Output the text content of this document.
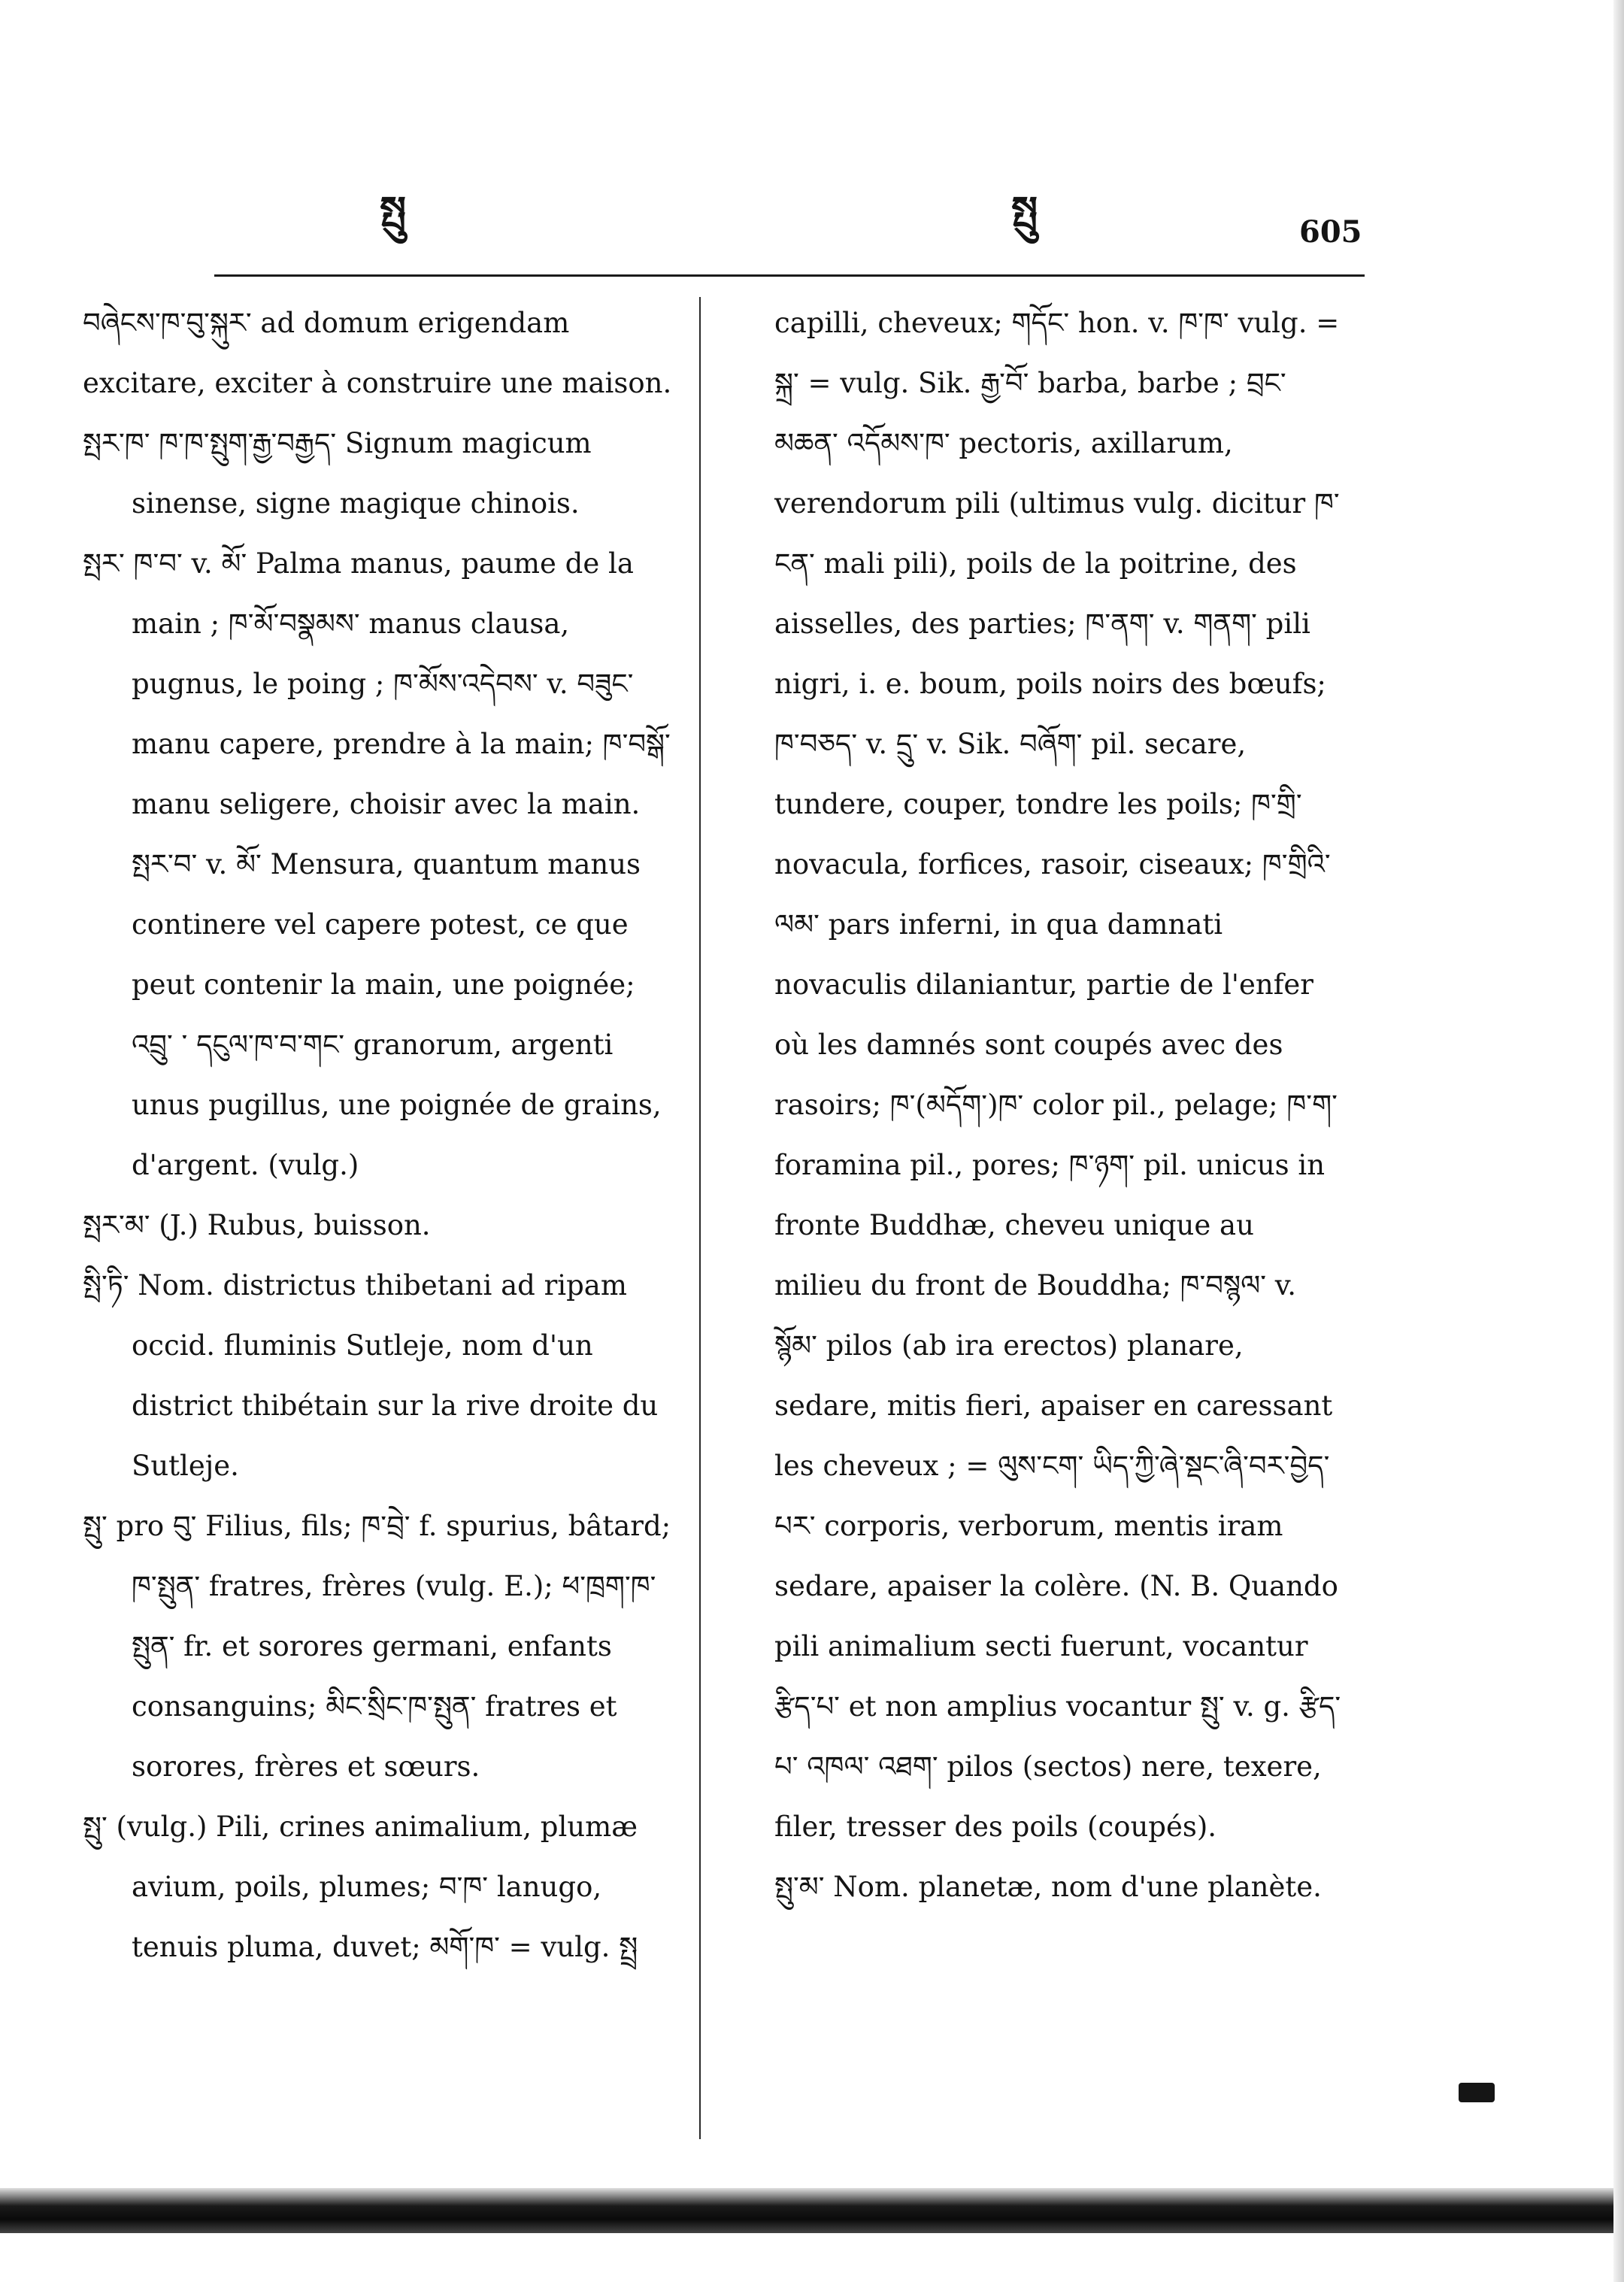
སྤུ	སྤུ	605

བཞེངས་ཁ་བུ་སྐུར་ ad domum erigendam excitare, exciter à construire une maison.

སྤར་ཁ་ ཁ་ཁ་སྤུག་རྒྱ་བརྒྱད་ Signum magicum sinense, signe magique chinois.

སྤར་ ཁ་བ་ v. མོ་ Palma manus, paume de la main ; ཁ་མོ་བསྣམས་ manus clausa, pugnus, le poing ; ཁ་མོས་འདེབས་ v. བཟུང་ manu capere, prendre à la main; ཁ་བསྒོ་ manu seligere, choisir avec la main.

སྤར་བ་ v. མོ་ Mensura, quantum manus continere vel capere potest, ce que peut contenir la main, une poignée; འབྲུ་ ་ དངུལ་ཁ་བ་གང་ granorum, argenti unus pugillus, une poignée de grains, d'argent. (vulg.)

སྤར་མ་ (J.) Rubus, buisson.

སྤི་ཏི་ Nom. districtus thibetani ad ripam occid. fluminis Sutleje, nom d'un district thibétain sur la rive droite du Sutleje.

སྤུ་ pro བུ་ Filius, fils; ཁ་བྲེ་ f. spurius, bâtard; ཁ་སྤུན་ fratres, frères (vulg. E.); ཕ་ཁྲག་ཁ་སྤུན་ fr. et sorores germani, enfants consanguins; མིང་སྲིང་ཁ་སྤུན་ fratres et sorores, frères et sœurs.

སྤུ་ (vulg.) Pili, crines animalium, plumæ avium, poils, plumes; བ་ཁ་ lanugo, tenuis pluma, duvet; མགོ་ཁ་ = vulg. སྤྲ

capilli, cheveux; གདོང་ hon. v. ཁ་ཁ་ vulg. = སྐྲ་ = vulg. Sik. རྒྱ་བོ་ barba, barbe ; བྲང་ མཆན་ འདོམས་ཁ་ pectoris, axillarum, verendorum pili (ultimus vulg. dicitur ཁ་ངན་ mali pili), poils de la poitrine, des aisselles, des parties; ཁ་ནག་ v. གནག་ pili nigri, i. e. boum, poils noirs des bœufs; ཁ་བཅད་ v. དྲུ་ v. Sik. བཞོག་ pil. secare, tundere, couper, tondre les poils; ཁ་གྲི་ novacula, forfices, rasoir, ciseaux; ཁ་གྲིའི་ ལམ་ pars inferni, in qua damnati novaculis dilaniantur, partie de l'enfer où les damnés sont coupés avec des rasoirs; ཁ་(མདོག་)ཁ་ color pil., pelage; ཁ་ག་ foramina pil., pores; ཁ་ཉག་ pil. unicus in fronte Buddhæ, cheveu unique au milieu du front de Bouddha; ཁ་བསྙལ་ v. སྙོམ་ pilos (ab ira erectos) planare, sedare, mitis fieri, apaiser en caressant les cheveux ; = ལུས་ངག་ ཡིད་ཀྱི་ཞེ་སྡང་ཞི་བར་བྱེད་པར་ corporis, verborum, mentis iram sedare, apaiser la colère. (N. B. Quando pili animalium secti fuerunt, vocantur རྩིད་པ་ et non amplius vocantur སྤུ་ v. g. རྩིད་པ་ འཁལ་ འཐག་ pilos (sectos) nere, texere, filer, tresser des poils (coupés).

སྤུ་མ་ Nom. planetæ, nom d'une planète.
